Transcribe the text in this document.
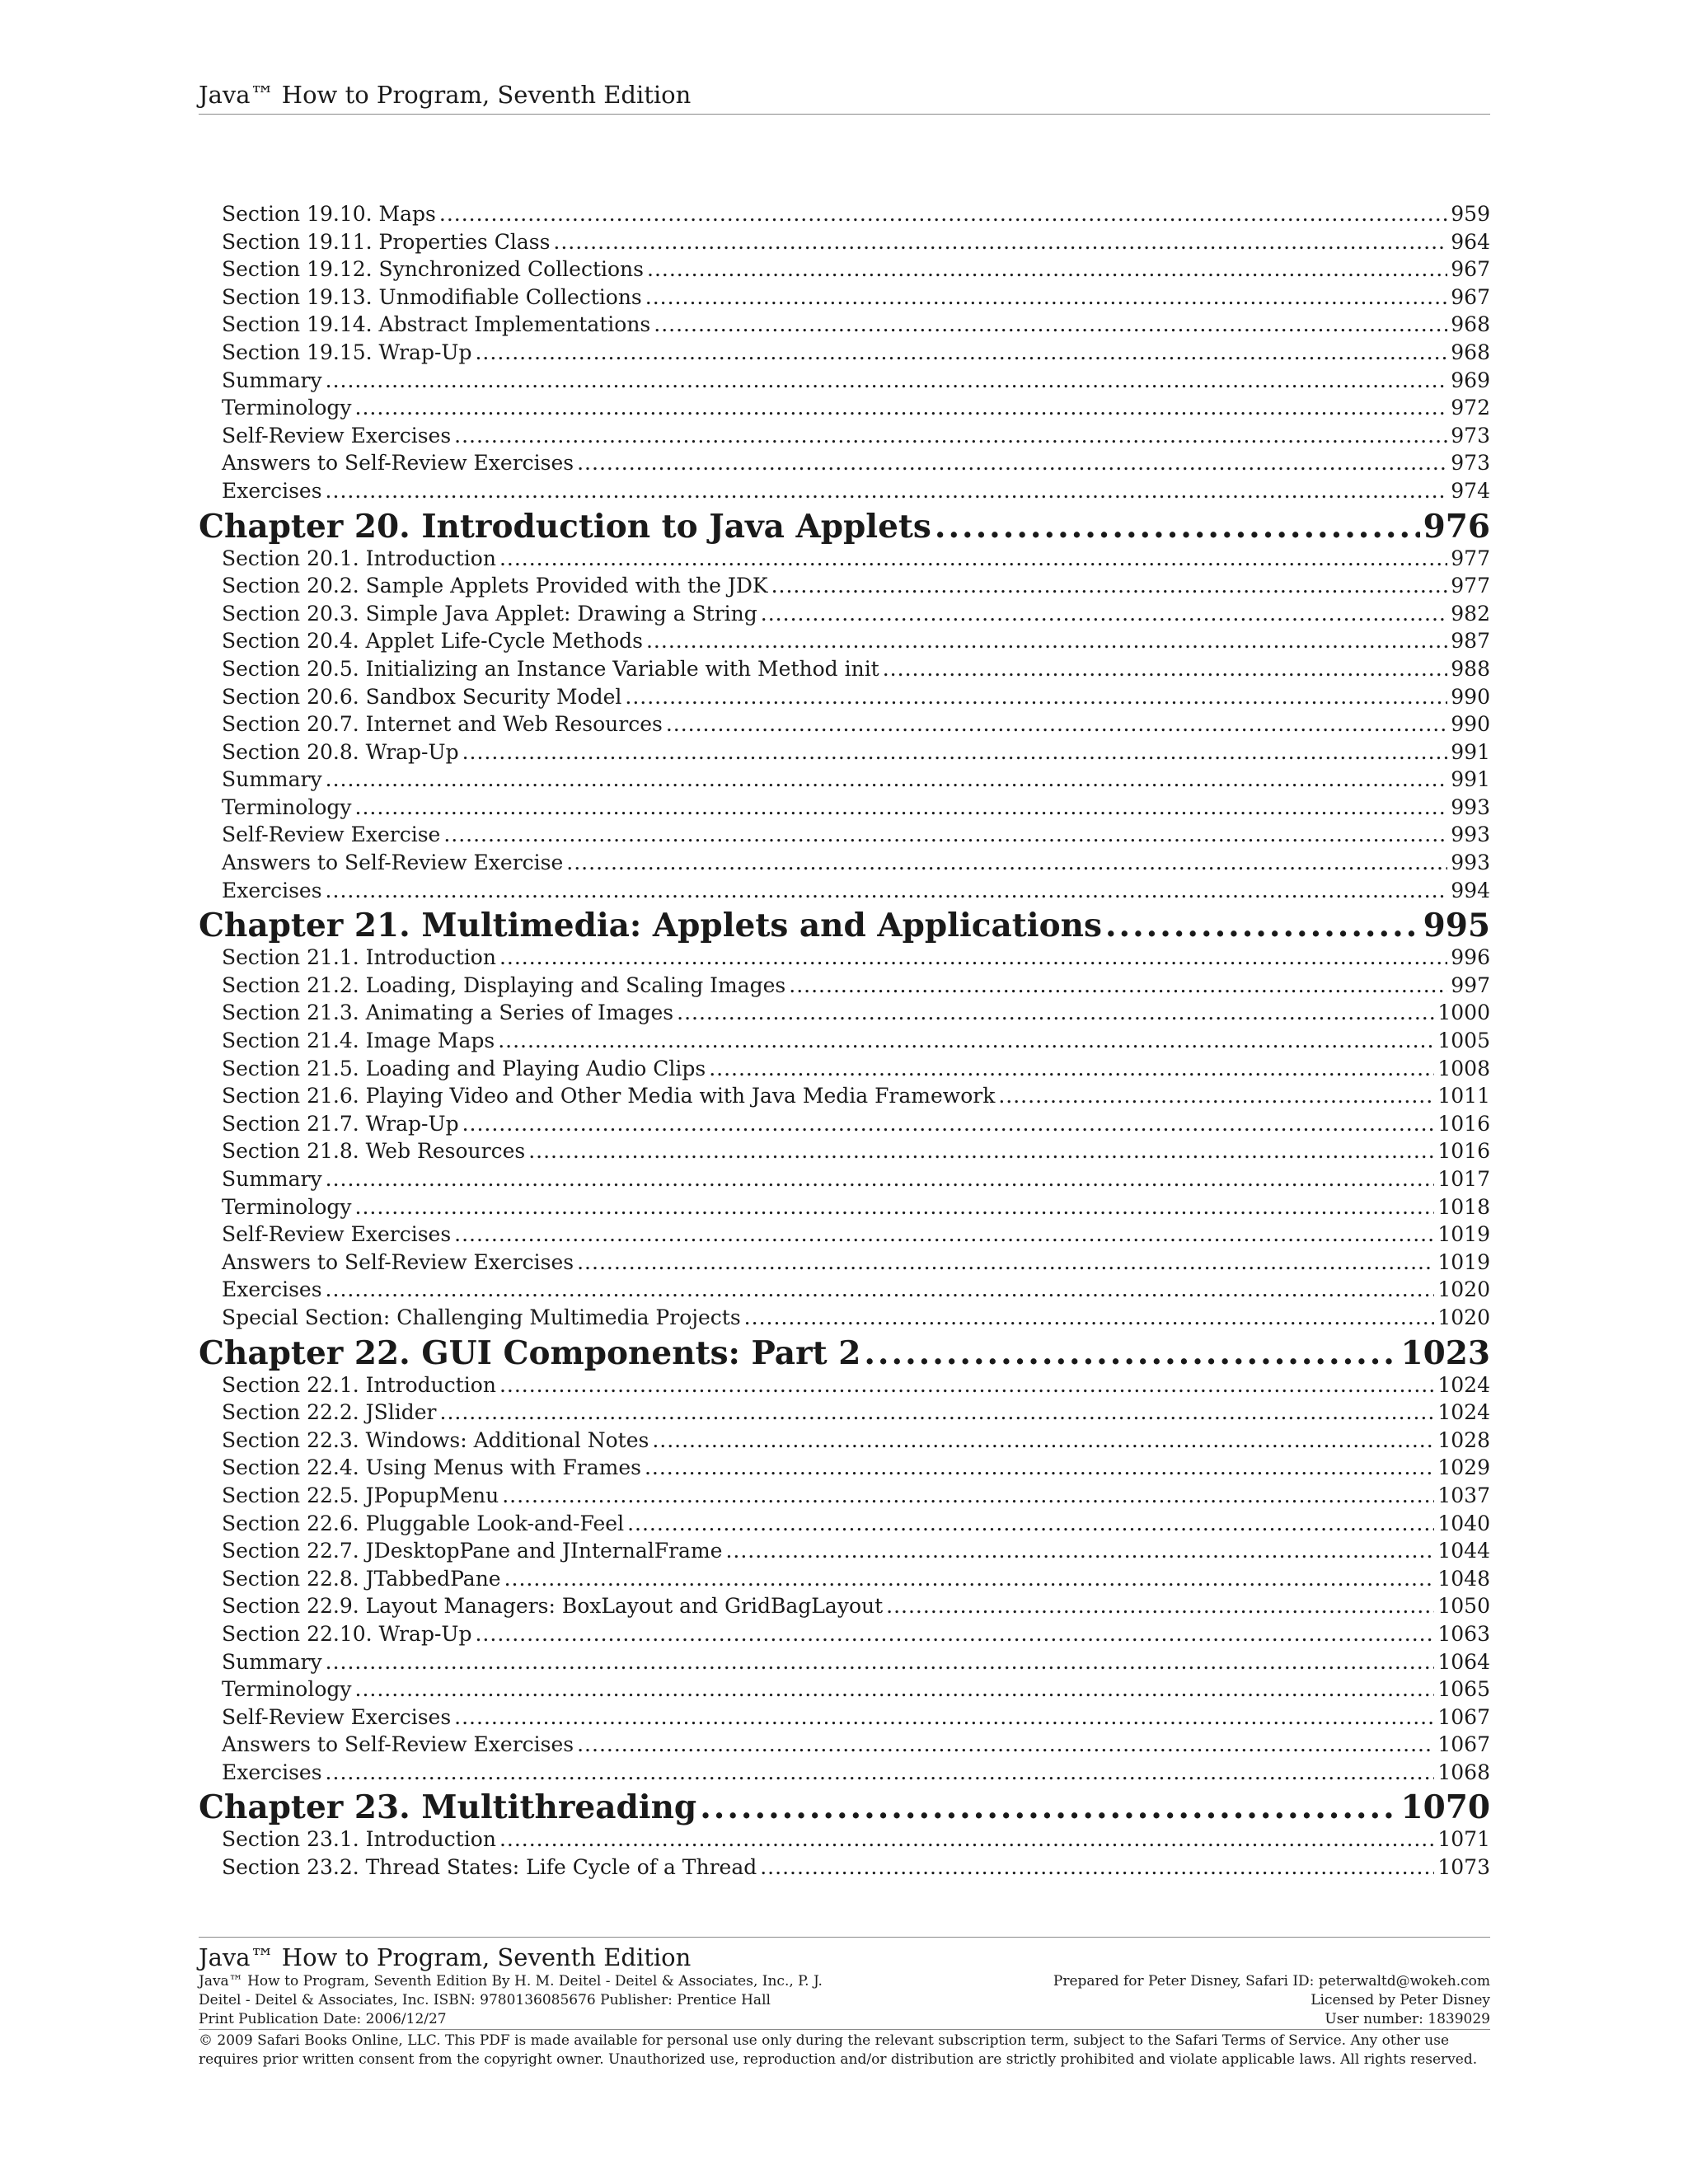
Java™ How to Program, Seventh Edition
Section 19.10. Maps .....	959
Section 19.11. Properties Class .....	964
Section 19.12. Synchronized Collections .....	967
Section 19.13. Unmodifiable Collections .....	967
Section 19.14. Abstract Implementations .....	968
Section 19.15. Wrap-Up .....	968
Summary .....	969
Terminology .....	972
Self-Review Exercises .....	973
Answers to Self-Review Exercises .....	973
Exercises .....	974
Chapter 20. Introduction to Java Applets .....	976
Section 20.1. Introduction .....	977
Section 20.2. Sample Applets Provided with the JDK .....	977
Section 20.3. Simple Java Applet: Drawing a String .....	982
Section 20.4. Applet Life-Cycle Methods .....	987
Section 20.5. Initializing an Instance Variable with Method init .....	988
Section 20.6. Sandbox Security Model .....	990
Section 20.7. Internet and Web Resources .....	990
Section 20.8. Wrap-Up .....	991
Summary .....	991
Terminology .....	993
Self-Review Exercise .....	993
Answers to Self-Review Exercise .....	993
Exercises .....	994
Chapter 21. Multimedia: Applets and Applications .....	995
Section 21.1. Introduction .....	996
Section 21.2. Loading, Displaying and Scaling Images .....	997
Section 21.3. Animating a Series of Images .....	1000
Section 21.4. Image Maps .....	1005
Section 21.5. Loading and Playing Audio Clips .....	1008
Section 21.6. Playing Video and Other Media with Java Media Framework .....	1011
Section 21.7. Wrap-Up .....	1016
Section 21.8. Web Resources .....	1016
Summary .....	1017
Terminology .....	1018
Self-Review Exercises .....	1019
Answers to Self-Review Exercises .....	1019
Exercises .....	1020
Special Section: Challenging Multimedia Projects .....	1020
Chapter 22. GUI Components: Part 2 .....	1023
Section 22.1. Introduction .....	1024
Section 22.2. JSlider .....	1024
Section 22.3. Windows: Additional Notes .....	1028
Section 22.4. Using Menus with Frames .....	1029
Section 22.5. JPopupMenu .....	1037
Section 22.6. Pluggable Look-and-Feel .....	1040
Section 22.7. JDesktopPane and JInternalFrame .....	1044
Section 22.8. JTabbedPane .....	1048
Section 22.9. Layout Managers: BoxLayout and GridBagLayout .....	1050
Section 22.10. Wrap-Up .....	1063
Summary .....	1064
Terminology .....	1065
Self-Review Exercises .....	1067
Answers to Self-Review Exercises .....	1067
Exercises .....	1068
Chapter 23. Multithreading .....	1070
Section 23.1. Introduction .....	1071
Section 23.2. Thread States: Life Cycle of a Thread .....	1073
Java™ How to Program, Seventh Edition
Java™ How to Program, Seventh Edition By H. M. Deitel - Deitel & Associates, Inc., P. J.
Deitel - Deitel & Associates, Inc. ISBN: 9780136085676 Publisher: Prentice Hall
Print Publication Date: 2006/12/27
Prepared for Peter Disney, Safari ID: peterwaltd@wokeh.com
Licensed by Peter Disney
User number: 1839029
© 2009 Safari Books Online, LLC. This PDF is made available for personal use only during the relevant subscription term, subject to the Safari Terms of Service. Any other use
requires prior written consent from the copyright owner. Unauthorized use, reproduction and/or distribution are strictly prohibited and violate applicable laws. All rights reserved.
